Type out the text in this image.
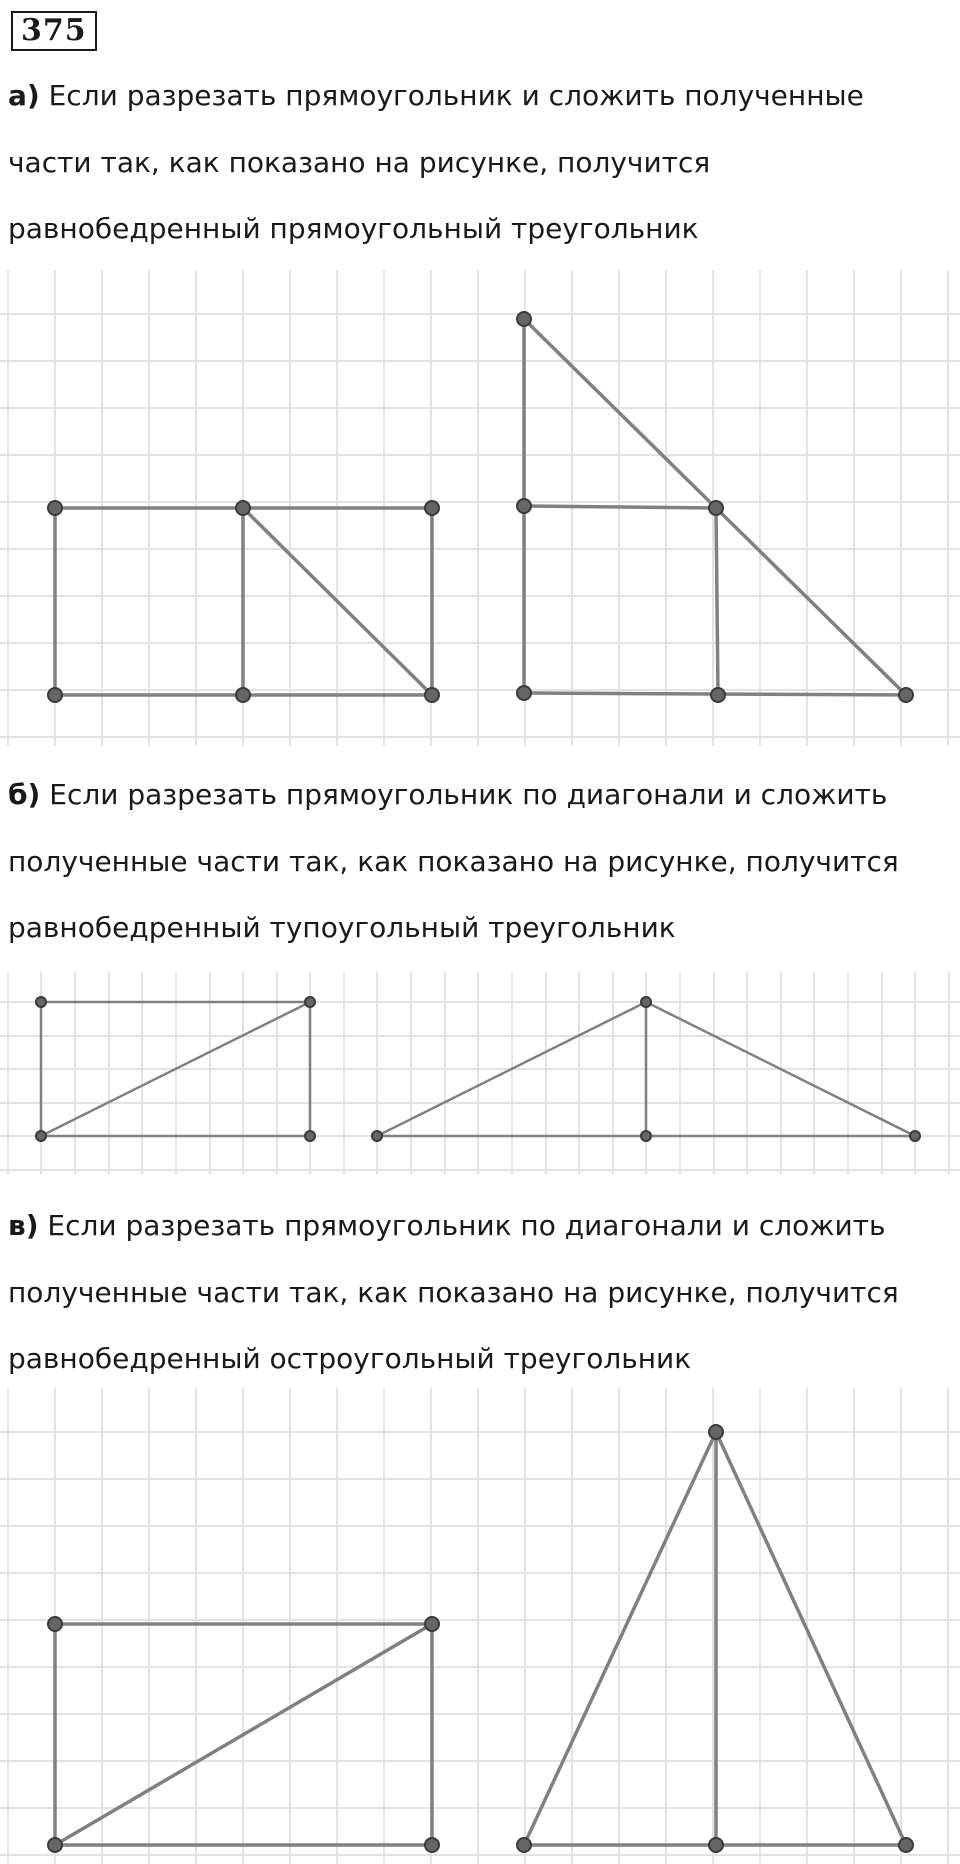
375
а) Если разрезать прямоугольник и сложить полученные
части так, как показано на рисунке, получится
равнобедренный прямоугольный треугольник
б) Если разрезать прямоугольник по диагонали и сложить
полученные части так, как показано на рисунке, получится
равнобедренный тупоугольный треугольник
в) Если разрезать прямоугольник по диагонали и сложить
полученные части так, как показано на рисунке, получится
равнобедренный остроугольный треугольник
